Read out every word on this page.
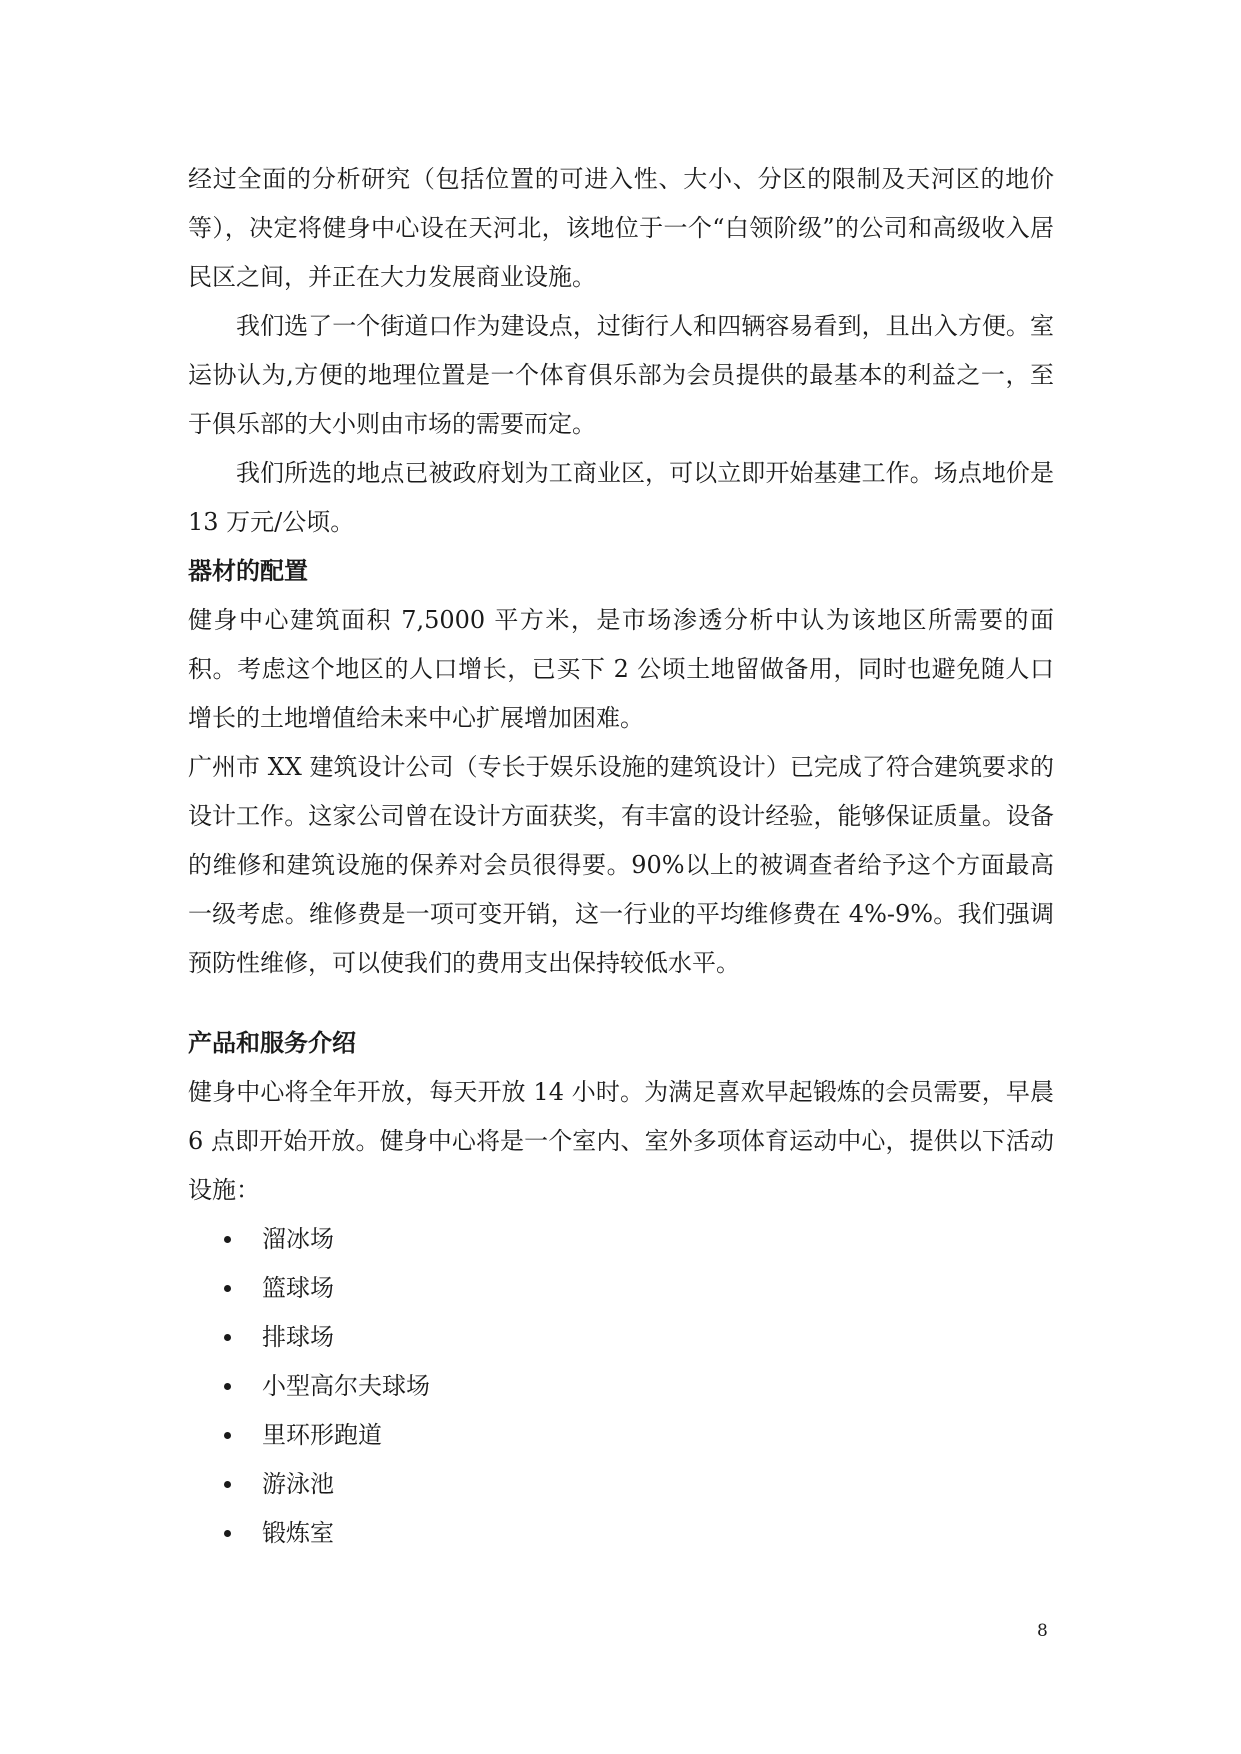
经过全面的分析研究（包括位置的可进入性、大小、分区的限制及天河区的地价等），决定将健身中心设在天河北，该地位于一个“白领阶级”的公司和高级收入居民区之间，并正在大力发展商业设施。

我们选了一个街道口作为建设点，过街行人和四辆容易看到，且出入方便。室运协认为,方便的地理位置是一个体育俱乐部为会员提供的最基本的利益之一，至于俱乐部的大小则由市场的需要而定。

我们所选的地点已被政府划为工商业区，可以立即开始基建工作。场点地价是 13 万元/公顷。

器材的配置

健身中心建筑面积 7,5000 平方米，是市场渗透分析中认为该地区所需要的面积。考虑这个地区的人口增长，已买下 2 公顷土地留做备用，同时也避免随人口增长的土地增值给未来中心扩展增加困难。

广州市 XX 建筑设计公司（专长于娱乐设施的建筑设计）已完成了符合建筑要求的设计工作。这家公司曾在设计方面获奖，有丰富的设计经验，能够保证质量。设备的维修和建筑设施的保养对会员很得要。90%以上的被调查者给予这个方面最高一级考虑。维修费是一项可变开销，这一行业的平均维修费在 4%-9%。我们强调预防性维修，可以使我们的费用支出保持较低水平。

产品和服务介绍

健身中心将全年开放，每天开放 14 小时。为满足喜欢早起锻炼的会员需要，早晨 6 点即开始开放。健身中心将是一个室内、室外多项体育运动中心，提供以下活动设施：

溜冰场
篮球场
排球场
小型高尔夫球场
里环形跑道
游泳池
锻炼室
8
